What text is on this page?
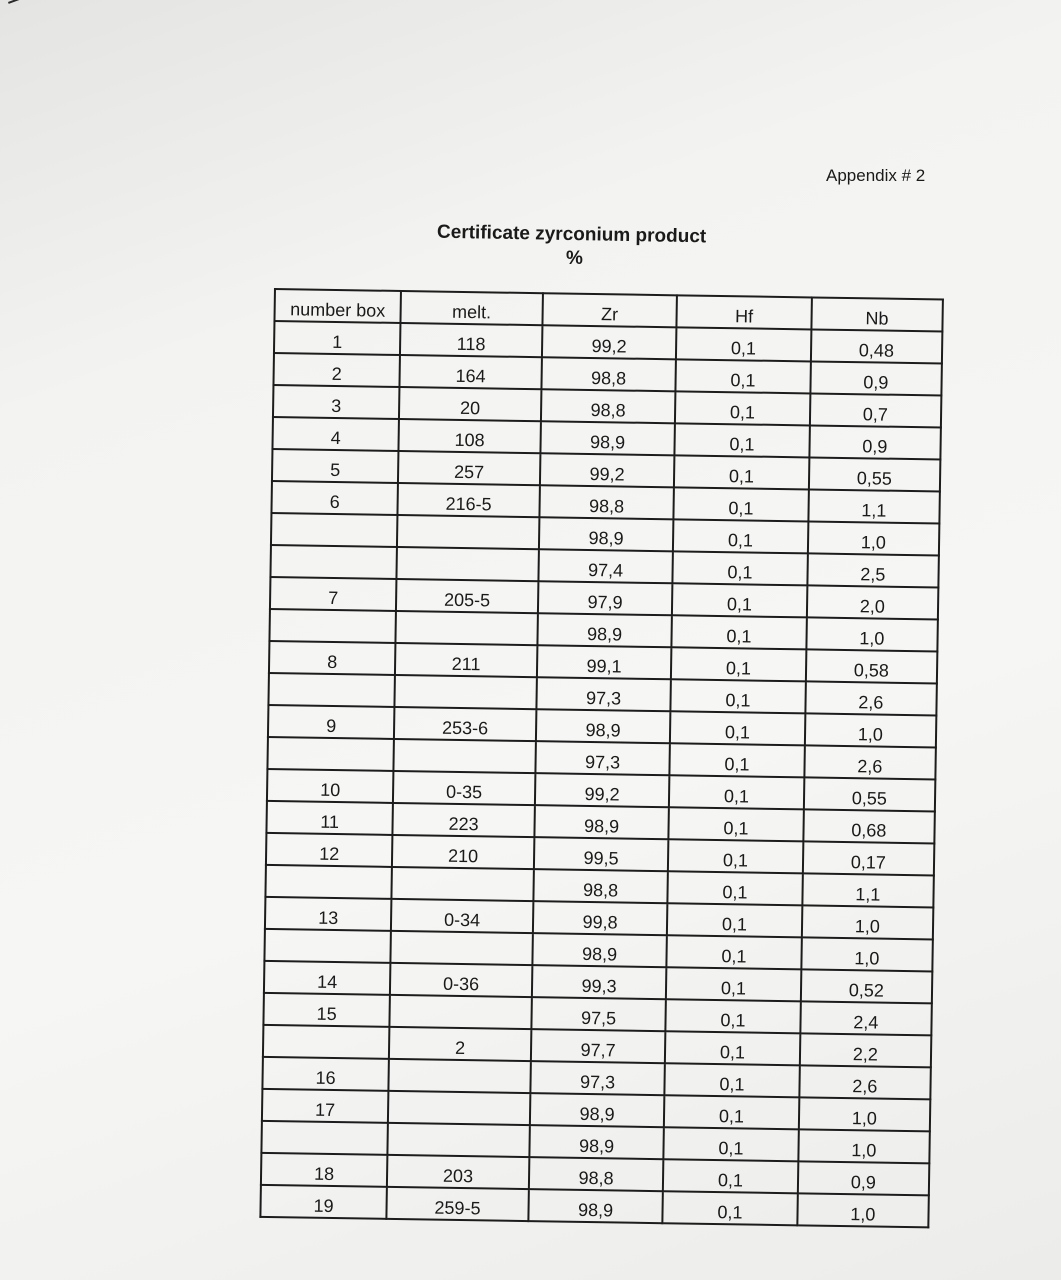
Appendix # 2
Certificate zyrconium product
%
number box	melt.	Zr	Hf	Nb
1	118	99,2	0,1	0,48
2	164	98,8	0,1	0,9
3	20	98,8	0,1	0,7
4	108	98,9	0,1	0,9
5	257	99,2	0,1	0,55
6	216-5	98,8	0,1	1,1
		98,9	0,1	1,0
		97,4	0,1	2,5
7	205-5	97,9	0,1	2,0
		98,9	0,1	1,0
8	211	99,1	0,1	0,58
		97,3	0,1	2,6
9	253-6	98,9	0,1	1,0
		97,3	0,1	2,6
10	0-35	99,2	0,1	0,55
11	223	98,9	0,1	0,68
12	210	99,5	0,1	0,17
		98,8	0,1	1,1
13	0-34	99,8	0,1	1,0
		98,9	0,1	1,0
14	0-36	99,3	0,1	0,52
15		97,5	0,1	2,4
	2	97,7	0,1	2,2
16		97,3	0,1	2,6
17		98,9	0,1	1,0
		98,9	0,1	1,0
18	203	98,8	0,1	0,9
19	259-5	98,9	0,1	1,0
